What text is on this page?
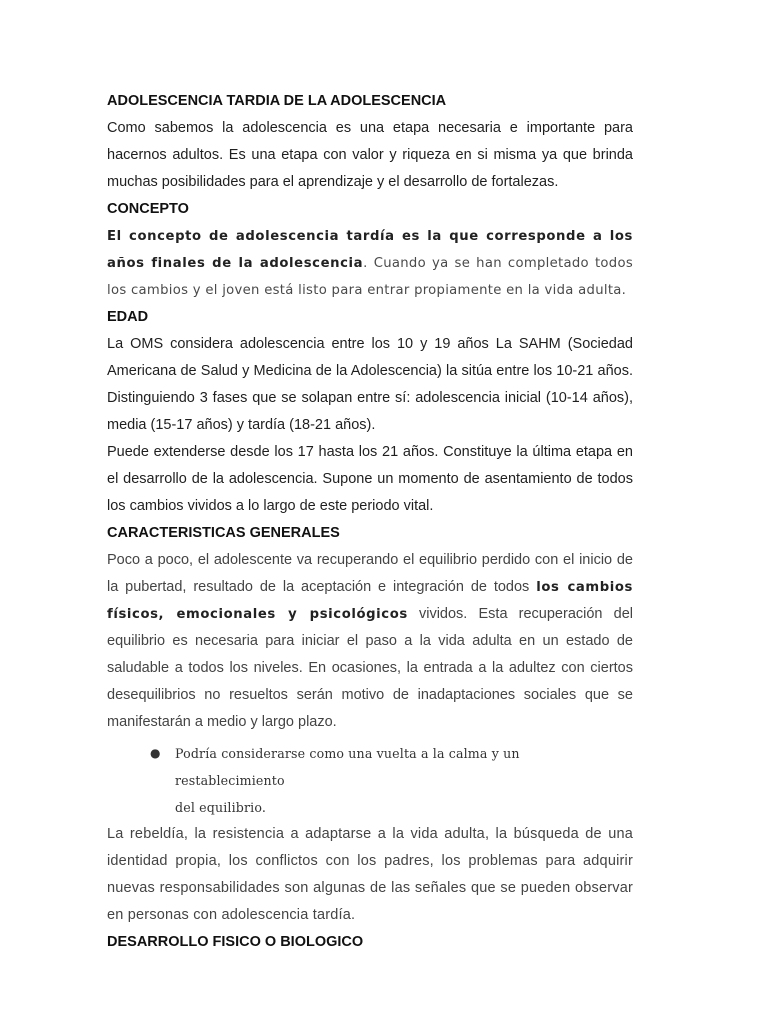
ADOLESCENCIA TARDIA DE LA ADOLESCENCIA

Como sabemos la adolescencia es una etapa necesaria e importante para hacernos adultos. Es una etapa con valor y riqueza en si misma ya que brinda muchas posibilidades para el aprendizaje y el desarrollo de fortalezas.

CONCEPTO

El concepto de adolescencia tardía es la que corresponde a los años finales de la adolescencia. Cuando ya se han completado todos los cambios y el joven está listo para entrar propiamente en la vida adulta.

EDAD

La OMS considera adolescencia entre los 10 y 19 años La SAHM (Sociedad Americana de Salud y Medicina de la Adolescencia) la sitúa entre los 10-21 años. Distinguiendo 3 fases que se solapan entre sí: adolescencia inicial (10-14 años), media (15-17 años) y tardía (18-21 años).

Puede extenderse desde los 17 hasta los 21 años. Constituye la última etapa en el desarrollo de la adolescencia. Supone un momento de asentamiento de todos los cambios vividos a lo largo de este periodo vital.

CARACTERISTICAS GENERALES

Poco a poco, el adolescente va recuperando el equilibrio perdido con el inicio de la pubertad, resultado de la aceptación e integración de todos los cambios físicos, emocionales y psicológicos vividos. Esta recuperación del equilibrio es necesaria para iniciar el paso a la vida adulta en un estado de saludable a todos los niveles. En ocasiones, la entrada a la adultez con ciertos desequilibrios no resueltos serán motivo de inadaptaciones sociales que se manifestarán a medio y largo plazo.

● Podría considerarse como una vuelta a la calma y un restablecimiento
del equilibrio.

La rebeldía, la resistencia a adaptarse a la vida adulta, la búsqueda de una identidad propia, los conflictos con los padres, los problemas para adquirir nuevas responsabilidades son algunas de las señales que se pueden observar en personas con adolescencia tardía.

DESARROLLO FISICO O BIOLOGICO
